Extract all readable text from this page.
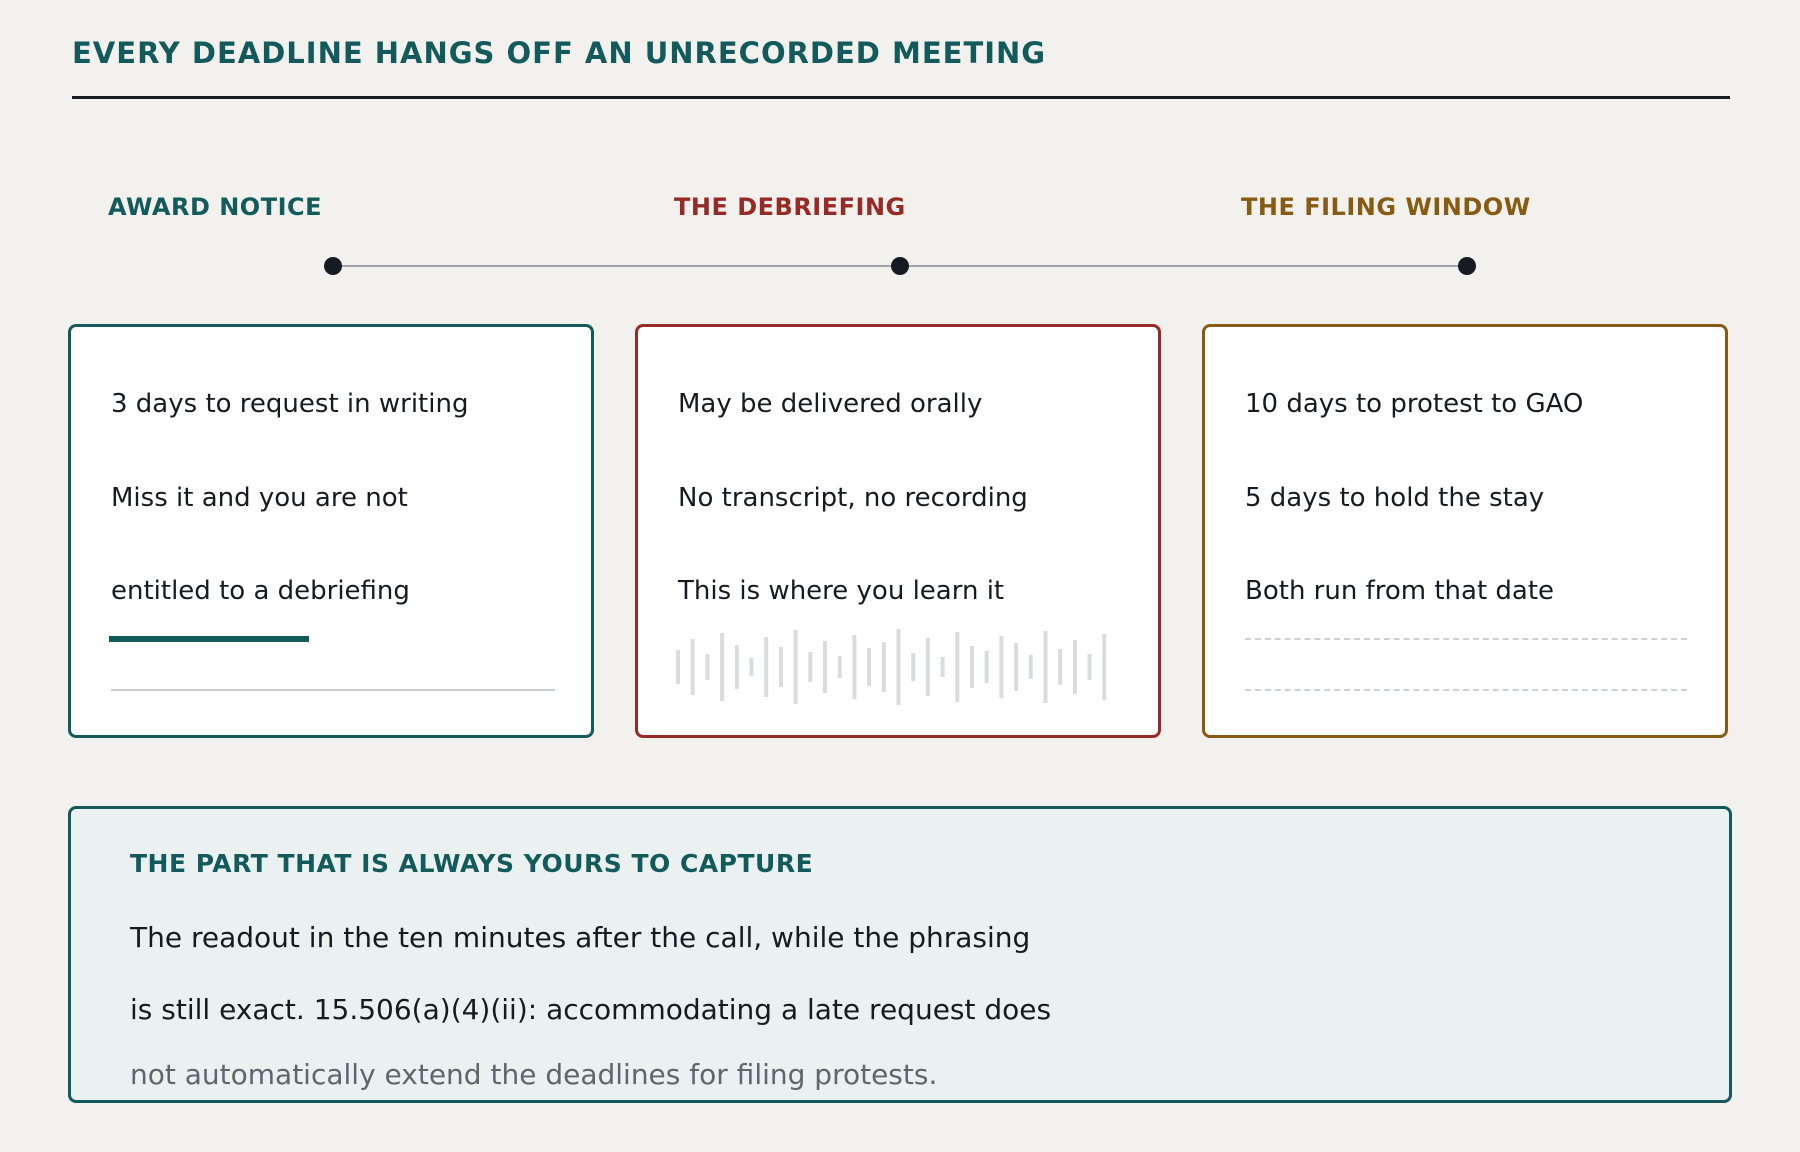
EVERY DEADLINE HANGS OFF AN UNRECORDED MEETING
AWARD NOTICE	THE DEBRIEFING	THE FILING WINDOW
3 days to request in writing
Miss it and you are not
entitled to a debriefing
May be delivered orally
No transcript, no recording
This is where you learn it
10 days to protest to GAO
5 days to hold the stay
Both run from that date
THE PART THAT IS ALWAYS YOURS TO CAPTURE
The readout in the ten minutes after the call, while the phrasing
is still exact. 15.506(a)(4)(ii): accommodating a late request does
not automatically extend the deadlines for filing protests.
